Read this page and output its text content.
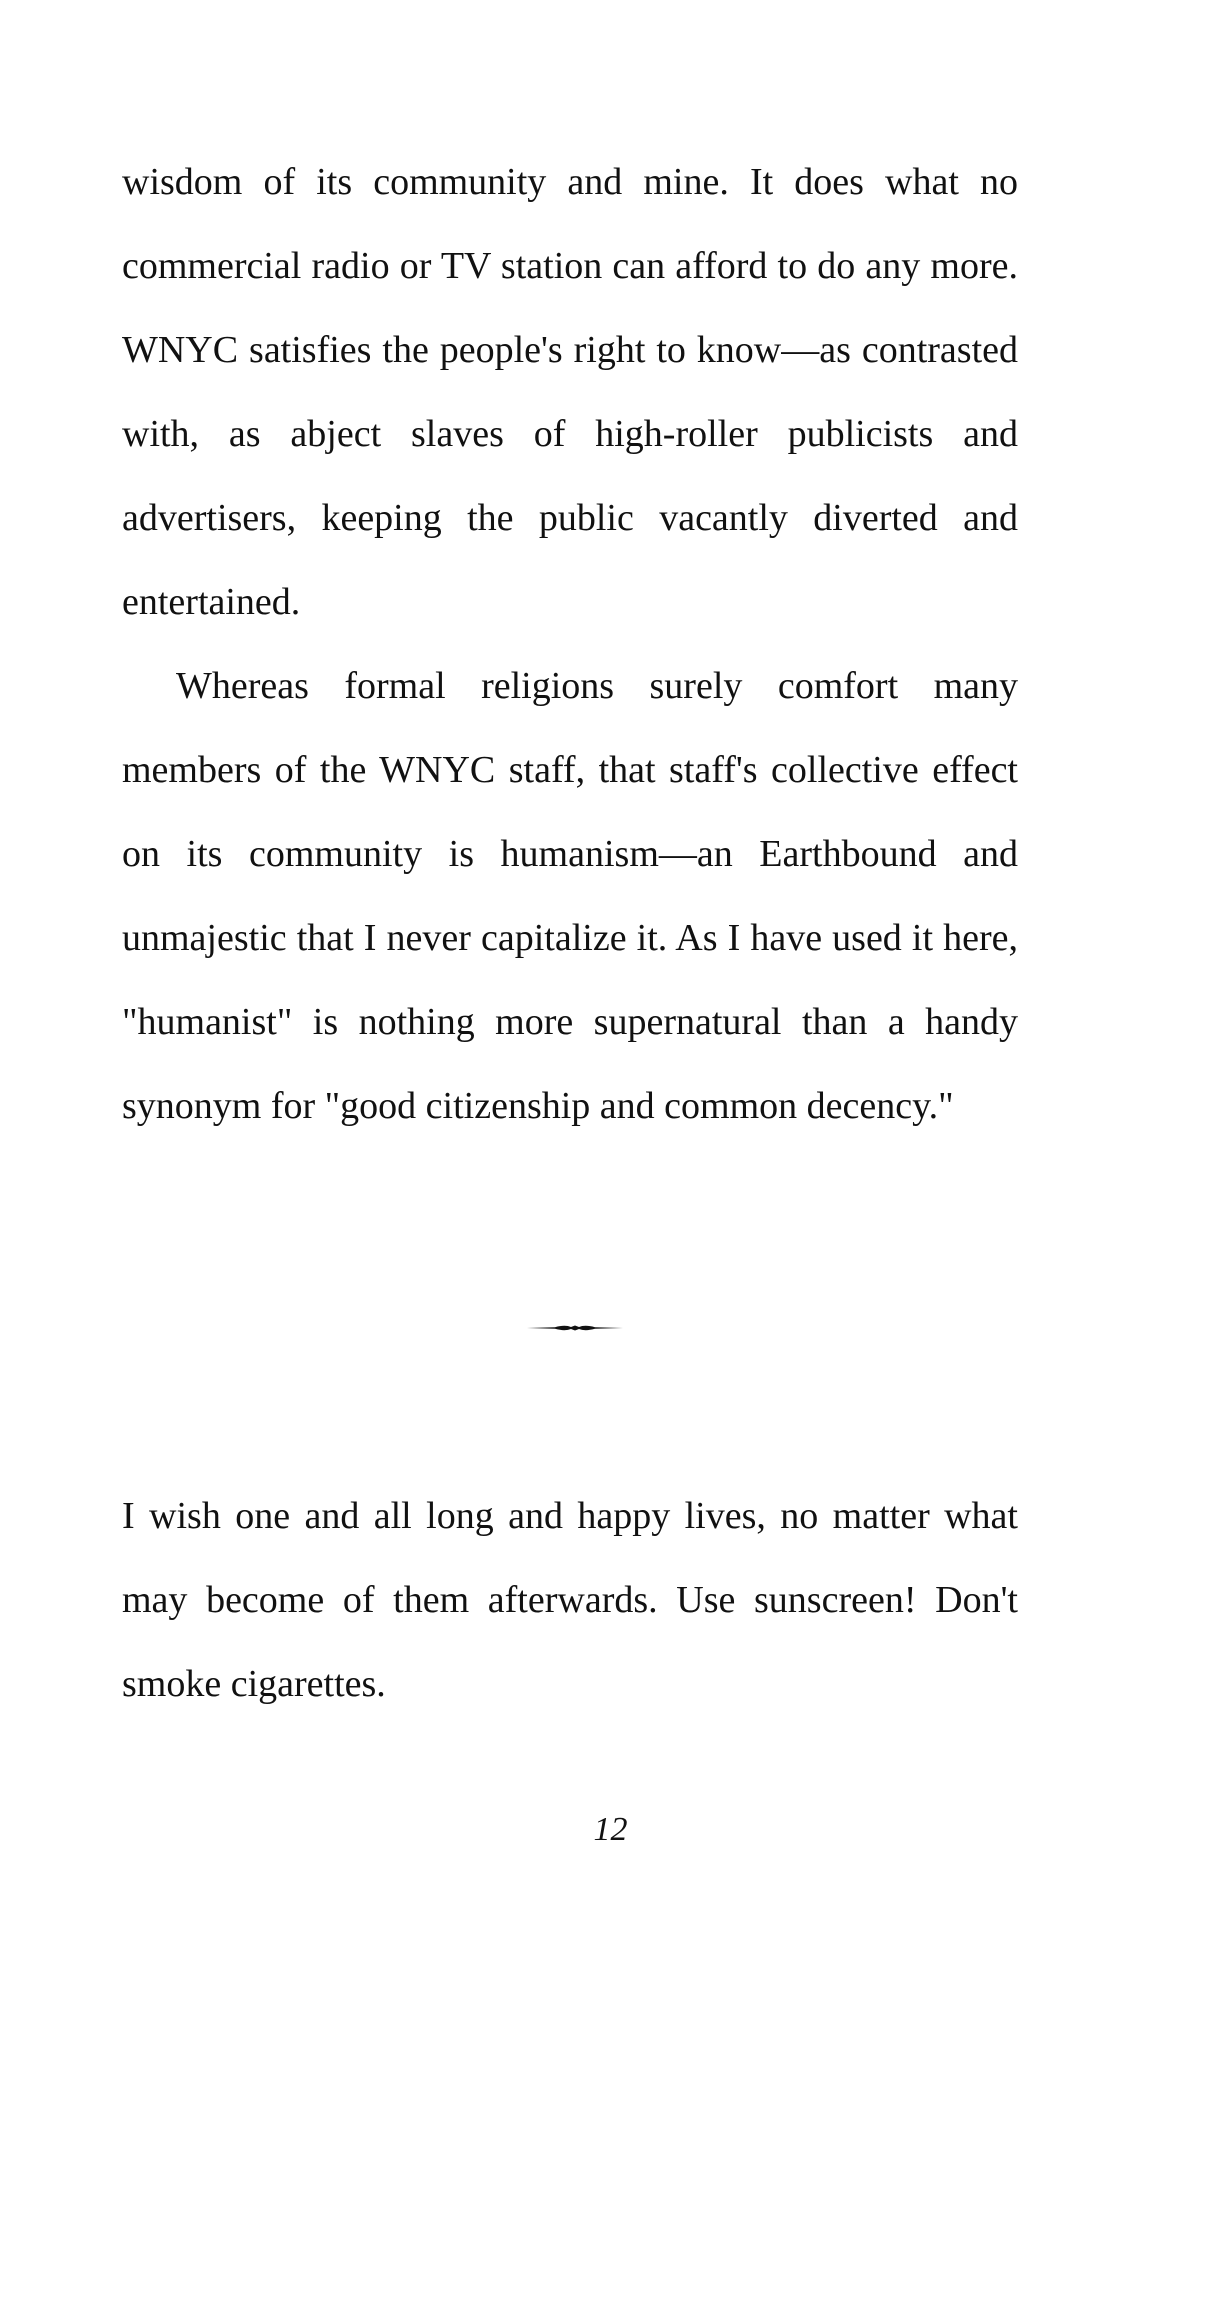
wisdom of its community and mine. It does what no commercial radio or TV station can afford to do any more. WNYC satisfies the people's right to know—as contrasted with, as abject slaves of high-roller publicists and advertisers, keeping the public vacantly diverted and entertained.

Whereas formal religions surely comfort many members of the WNYC staff, that staff's collective effect on its community is humanism—an Earthbound and unmajestic that I never capitalize it. As I have used it here, "humanist" is nothing more supernatural than a handy synonym for "good citizenship and common decency."

I wish one and all long and happy lives, no matter what may become of them afterwards. Use sunscreen! Don't smoke cigarettes.

12
